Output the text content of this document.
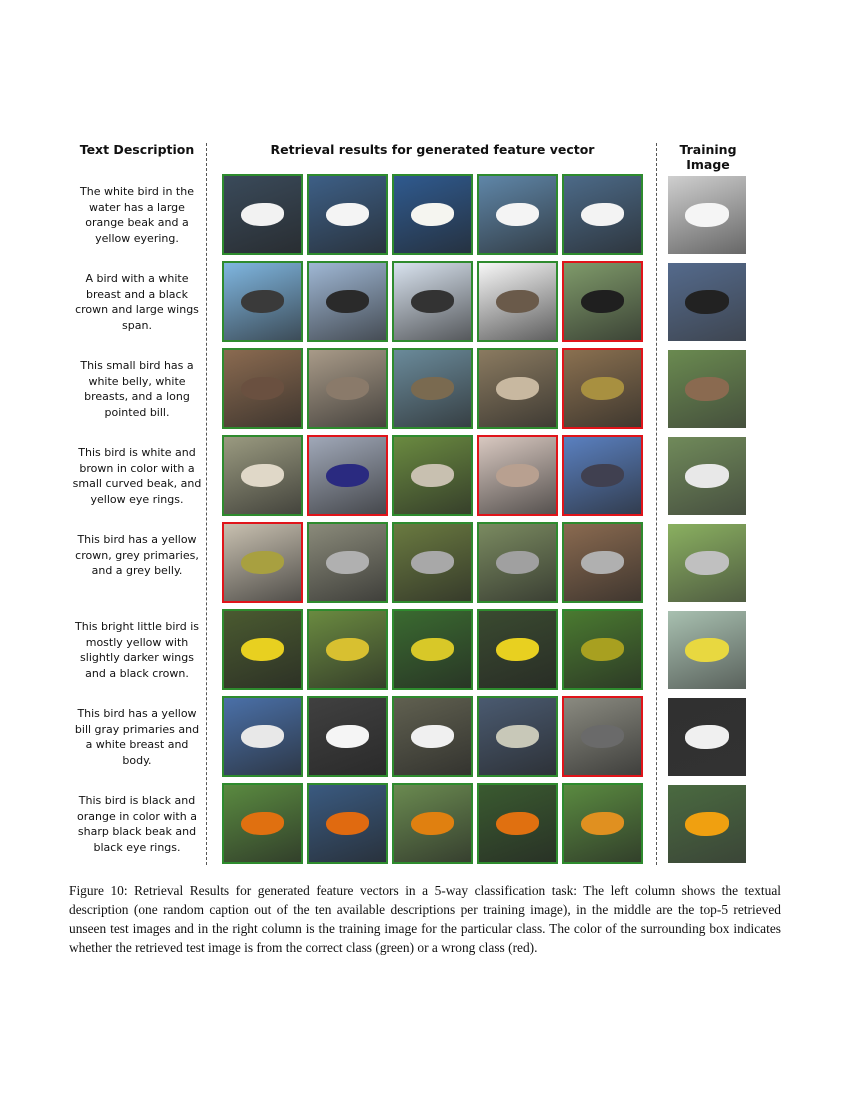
Text Description	Retrieval results for generated feature vector	Training Image
The white bird in the water has a large orange beak and a yellow eyering.
A bird with a white breast and a black crown and large wings span.
This small bird has a white belly, white breasts, and a long pointed bill.
This bird is white and brown in color with a small curved beak, and yellow eye rings.
This bird has a yellow crown, grey primaries, and a grey belly.
This bright little bird is mostly yellow with slightly darker wings and a black crown.
This bird has a yellow bill gray primaries and a white breast and body.
This bird is black and orange in color with a sharp black beak and black eye rings.
Figure 10: Retrieval Results for generated feature vectors in a 5-way classification task: The left column shows the textual description (one random caption out of the ten available descriptions per training image), in the middle are the top-5 retrieved unseen test images and in the right column is the training image for the particular class. The color of the surrounding box indicates whether the retrieved test image is from the correct class (green) or a wrong class (red).
